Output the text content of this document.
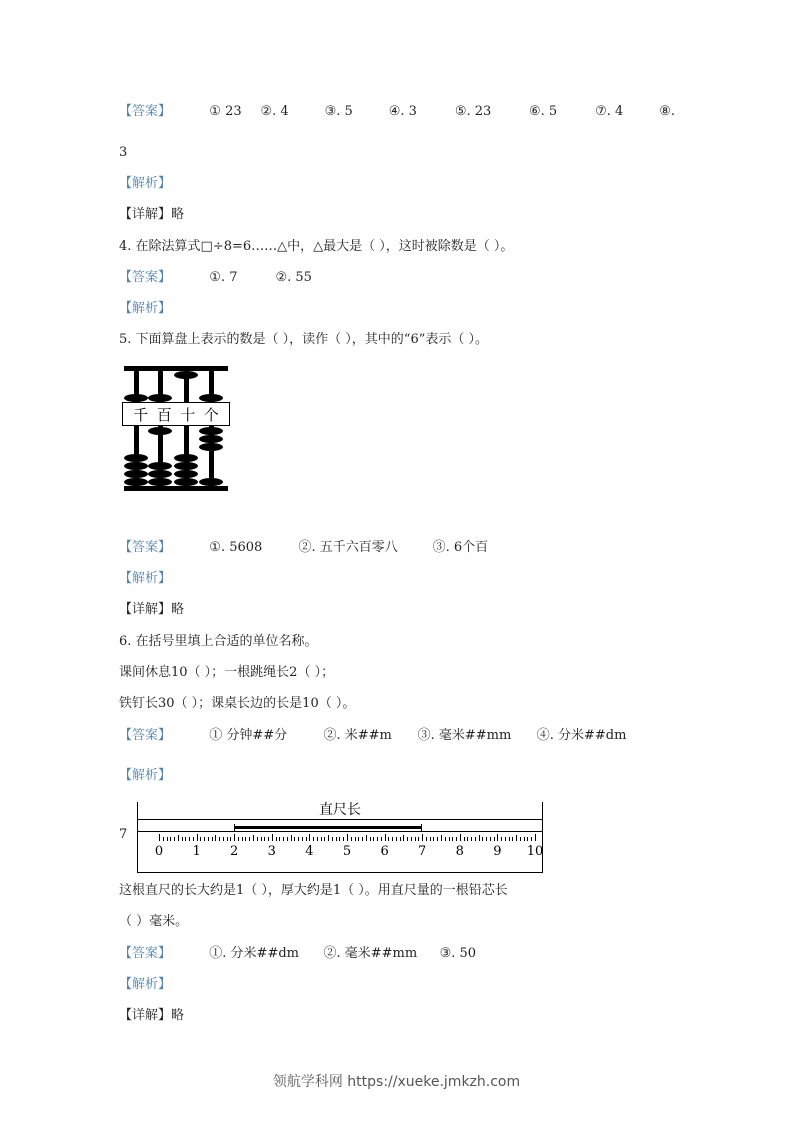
【答案】	① 23 ②. 4	③. 5	④. 3	⑤. 23	⑥. 5	⑦. 4	⑧.
3
【解析】
【详解】略
4. 在除法算式□÷8=6……△中，△最大是（ ），这时被除数是（ ）。
【答案】	①. 7	②. 55
【解析】
5. 下面算盘上表示的数是（ ），读作（ ），其中的“6”表示（ ）。
千 百 十 个
【答案】	①. 5608	②. 五千六百零八	③. 6个百
【解析】
【详解】略
6. 在括号里填上合适的单位名称。
课间休息10（ ）；一根跳绳长2（ ）；
铁钉长30（ ）；课桌长边的长是10（ ）。
【答案】	① 分钟##分	②. 米##m ③. 毫米##mm ④. 分米##dm
【解析】
7
直尺长
0 1 2 3 4 5 6 7 8 9 10
这根直尺的长大约是1（ ），厚大约是1（ ）。用直尺量的一根铅芯长
（ ）毫米。
【答案】	①. 分米##dm ②. 毫米##mm ③. 50
【解析】
【详解】略
领航学科网 https://xueke.jmkzh.com
